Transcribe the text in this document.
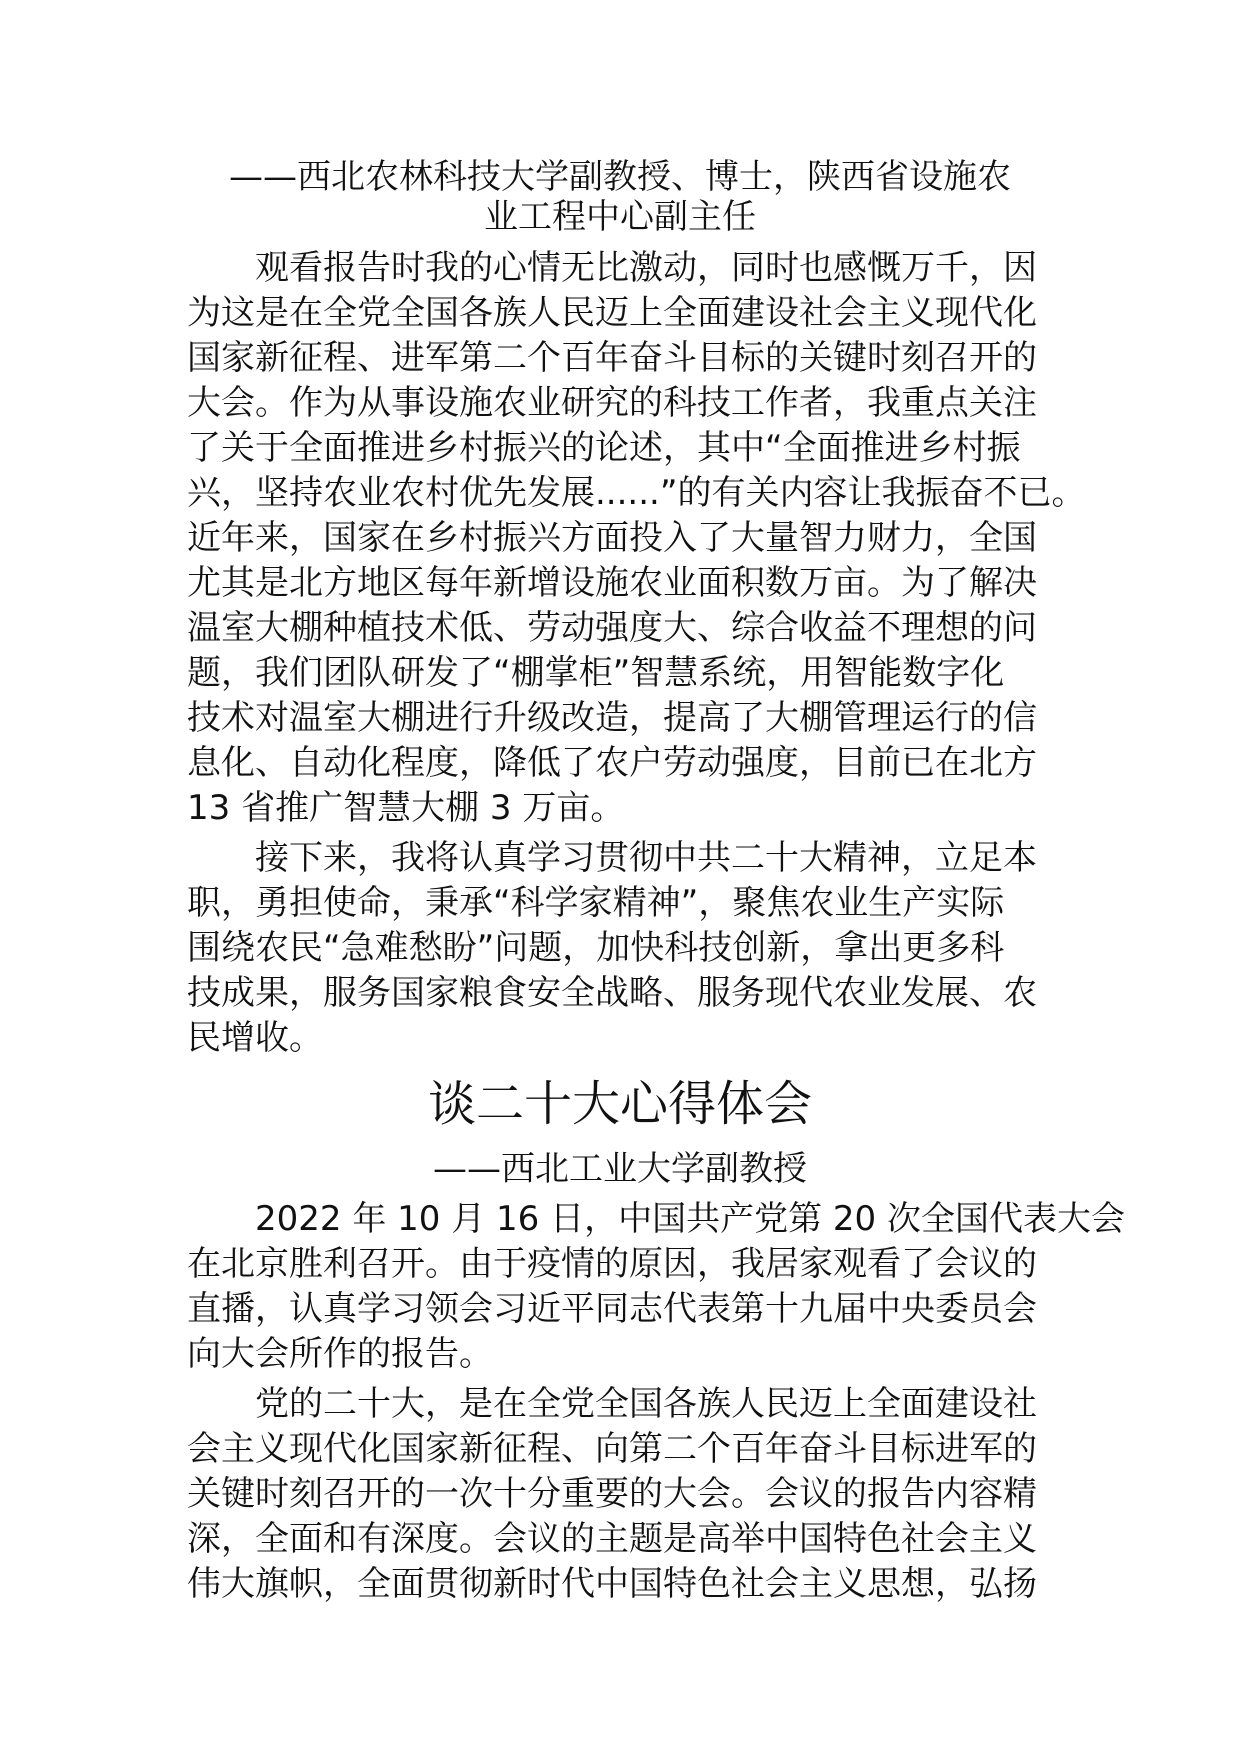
——西北农林科技大学副教授、博士，陕西省设施农
业工程中心副主任
观看报告时我的心情无比激动，同时也感慨万千，因
为这是在全党全国各族人民迈上全面建设社会主义现代化
国家新征程、进军第二个百年奋斗目标的关键时刻召开的
大会。作为从事设施农业研究的科技工作者，我重点关注
了关于全面推进乡村振兴的论述，其中“全面推进乡村振
兴，坚持农业农村优先发展......”的有关内容让我振奋不已。
近年来，国家在乡村振兴方面投入了大量智力财力，全国
尤其是北方地区每年新增设施农业面积数万亩。为了解决
温室大棚种植技术低、劳动强度大、综合收益不理想的问
题，我们团队研发了“棚掌柜”智慧系统，用智能数字化
技术对温室大棚进行升级改造，提高了大棚管理运行的信
息化、自动化程度，降低了农户劳动强度，目前已在北方
13 省推广智慧大棚 3 万亩。
接下来，我将认真学习贯彻中共二十大精神，立足本
职，勇担使命，秉承“科学家精神”，聚焦农业生产实际
围绕农民“急难愁盼”问题，加快科技创新，拿出更多科
技成果，服务国家粮食安全战略、服务现代农业发展、农
民增收。
谈二十大心得体会
——西北工业大学副教授
2022 年 10 月 16 日，中国共产党第 20 次全国代表大会
在北京胜利召开。由于疫情的原因，我居家观看了会议的
直播，认真学习领会习近平同志代表第十九届中央委员会
向大会所作的报告。
党的二十大，是在全党全国各族人民迈上全面建设社
会主义现代化国家新征程、向第二个百年奋斗目标进军的
关键时刻召开的一次十分重要的大会。会议的报告内容精
深，全面和有深度。会议的主题是高举中国特色社会主义
伟大旗帜，全面贯彻新时代中国特色社会主义思想，弘扬
